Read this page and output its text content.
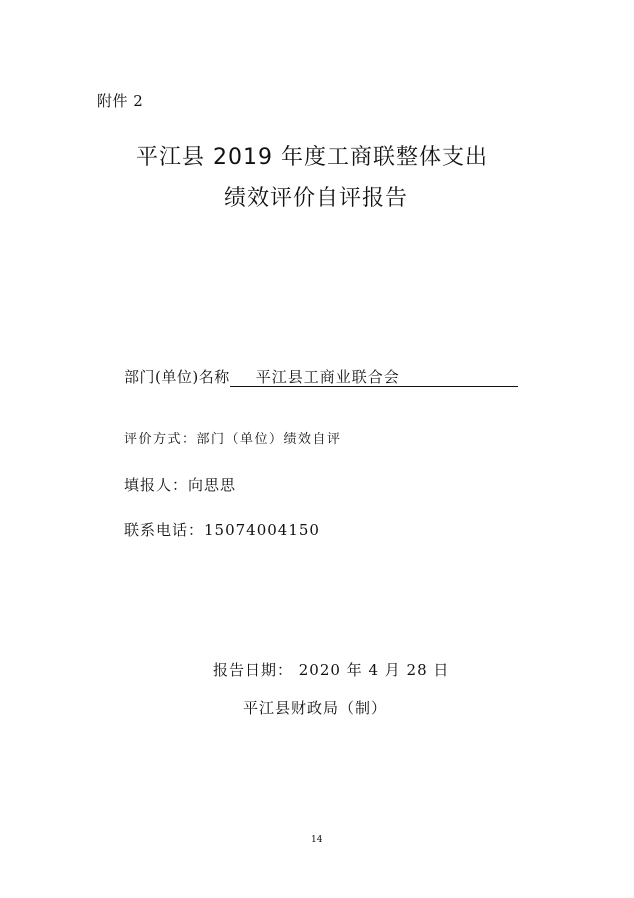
附件 2
平江县 2019 年度工商联整体支出
绩效评价自评报告
部门(单位)名称	平江县工商业联合会
评价方式：部门（单位）绩效自评
填报人：向思思
联系电话：15074004150
报告日期： 2020 年 4 月 28 日
平江县财政局（制）
14
